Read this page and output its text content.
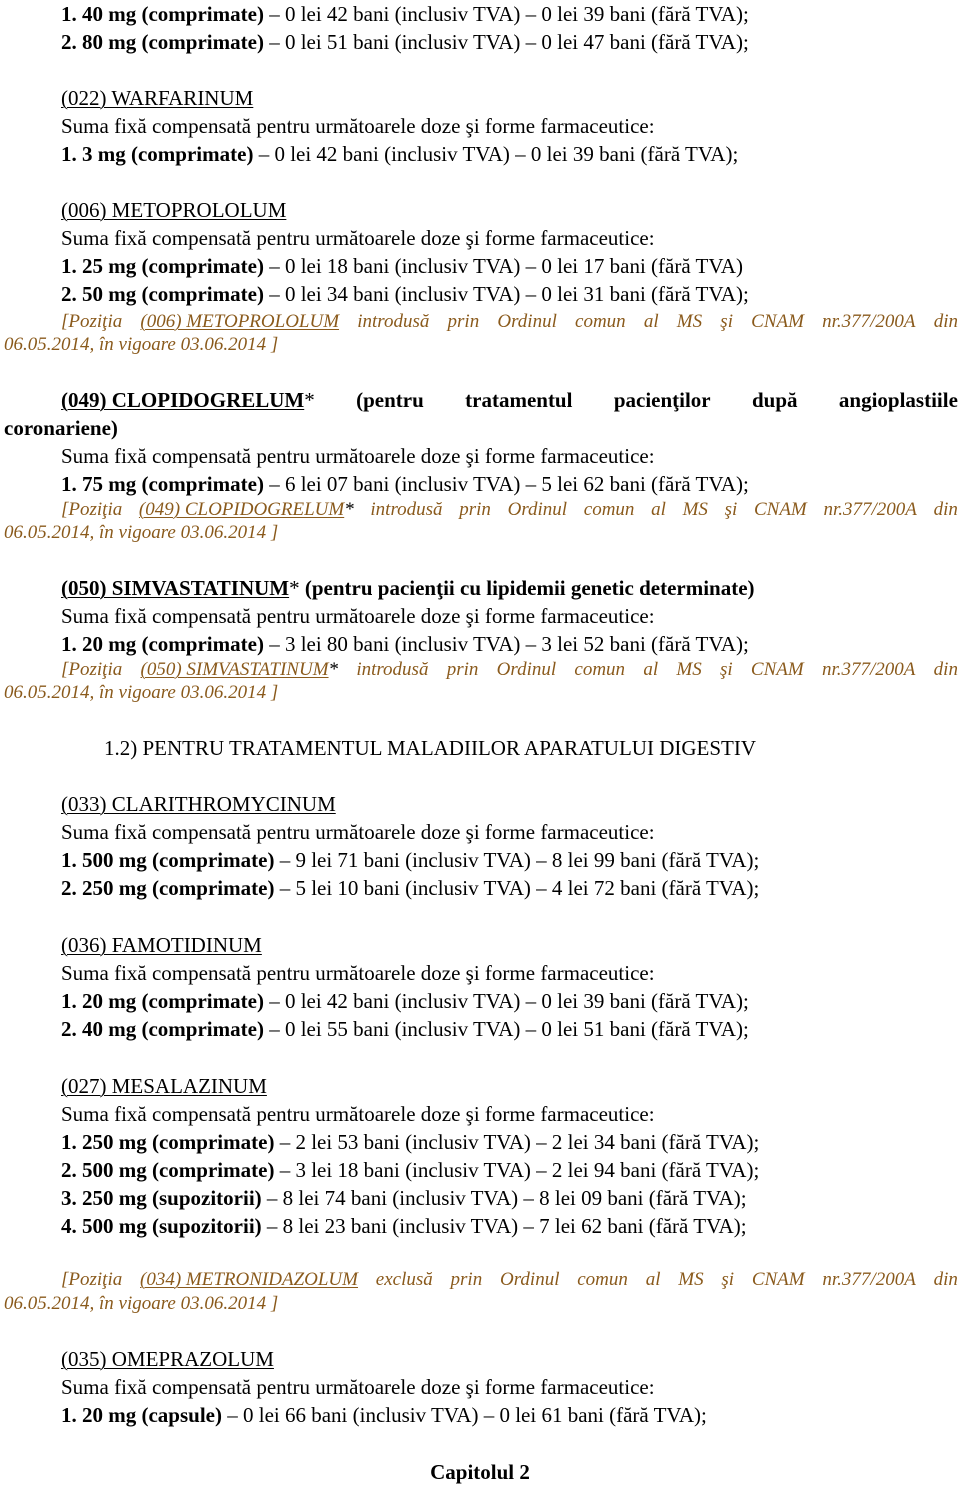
1. 40 mg (comprimate) – 0 lei 42 bani (inclusiv TVA) – 0 lei 39 bani (fără TVA);
2. 80 mg (comprimate) – 0 lei 51 bani (inclusiv TVA) – 0 lei 47 bani (fără TVA);
(022) WARFARINUM
Suma fixă compensată pentru următoarele doze şi forme farmaceutice:
1. 3 mg (comprimate) – 0 lei 42 bani (inclusiv TVA) – 0 lei 39 bani (fără TVA);
(006) METOPROLOLUM
Suma fixă compensată pentru următoarele doze şi forme farmaceutice:
1. 25 mg (comprimate) – 0 lei 18 bani (inclusiv TVA) – 0 lei 17 bani (fără TVA)
2. 50 mg (comprimate) – 0 lei 34 bani (inclusiv TVA) – 0 lei 31 bani (fără TVA);
[Poziţia (006) METOPROLOLUM introdusă prin Ordinul comun al MS şi CNAM nr.377/200A din
06.05.2014, în vigoare 03.06.2014 ]
(049) CLOPIDOGRELUM* (pentru tratamentul pacienţilor după angioplastiile
coronariene)
Suma fixă compensată pentru următoarele doze şi forme farmaceutice:
1. 75 mg (comprimate) – 6 lei 07 bani (inclusiv TVA) – 5 lei 62 bani (fără TVA);
[Poziţia (049) CLOPIDOGRELUM* introdusă prin Ordinul comun al MS şi CNAM nr.377/200A din
06.05.2014, în vigoare 03.06.2014 ]
(050) SIMVASTATINUM* (pentru pacienţii cu lipidemii genetic determinate)
Suma fixă compensată pentru următoarele doze şi forme farmaceutice:
1. 20 mg (comprimate) – 3 lei 80 bani (inclusiv TVA) – 3 lei 52 bani (fără TVA);
[Poziţia (050) SIMVASTATINUM* introdusă prin Ordinul comun al MS şi CNAM nr.377/200A din
06.05.2014, în vigoare 03.06.2014 ]
1.2) PENTRU TRATAMENTUL MALADIILOR APARATULUI DIGESTIV
(033) CLARITHROMYCINUM
Suma fixă compensată pentru următoarele doze şi forme farmaceutice:
1. 500 mg (comprimate) – 9 lei 71 bani (inclusiv TVA) – 8 lei 99 bani (fără TVA);
2. 250 mg (comprimate) – 5 lei 10 bani (inclusiv TVA) – 4 lei 72 bani (fără TVA);
(036) FAMOTIDINUM
Suma fixă compensată pentru următoarele doze şi forme farmaceutice:
1. 20 mg (comprimate) – 0 lei 42 bani (inclusiv TVA) – 0 lei 39 bani (fără TVA);
2. 40 mg (comprimate) – 0 lei 55 bani (inclusiv TVA) – 0 lei 51 bani (fără TVA);
(027) MESALAZINUM
Suma fixă compensată pentru următoarele doze şi forme farmaceutice:
1. 250 mg (comprimate) – 2 lei 53 bani (inclusiv TVA) – 2 lei 34 bani (fără TVA);
2. 500 mg (comprimate) – 3 lei 18 bani (inclusiv TVA) – 2 lei 94 bani (fără TVA);
3. 250 mg (supozitorii) – 8 lei 74 bani (inclusiv TVA) – 8 lei 09 bani (fără TVA);
4. 500 mg (supozitorii) – 8 lei 23 bani (inclusiv TVA) – 7 lei 62 bani (fără TVA);
[Poziţia (034) METRONIDAZOLUM exclusă prin Ordinul comun al MS şi CNAM nr.377/200A din
06.05.2014, în vigoare 03.06.2014 ]
(035) OMEPRAZOLUM
Suma fixă compensată pentru următoarele doze şi forme farmaceutice:
1. 20 mg (capsule) – 0 lei 66 bani (inclusiv TVA) – 0 lei 61 bani (fără TVA);
Capitolul 2
